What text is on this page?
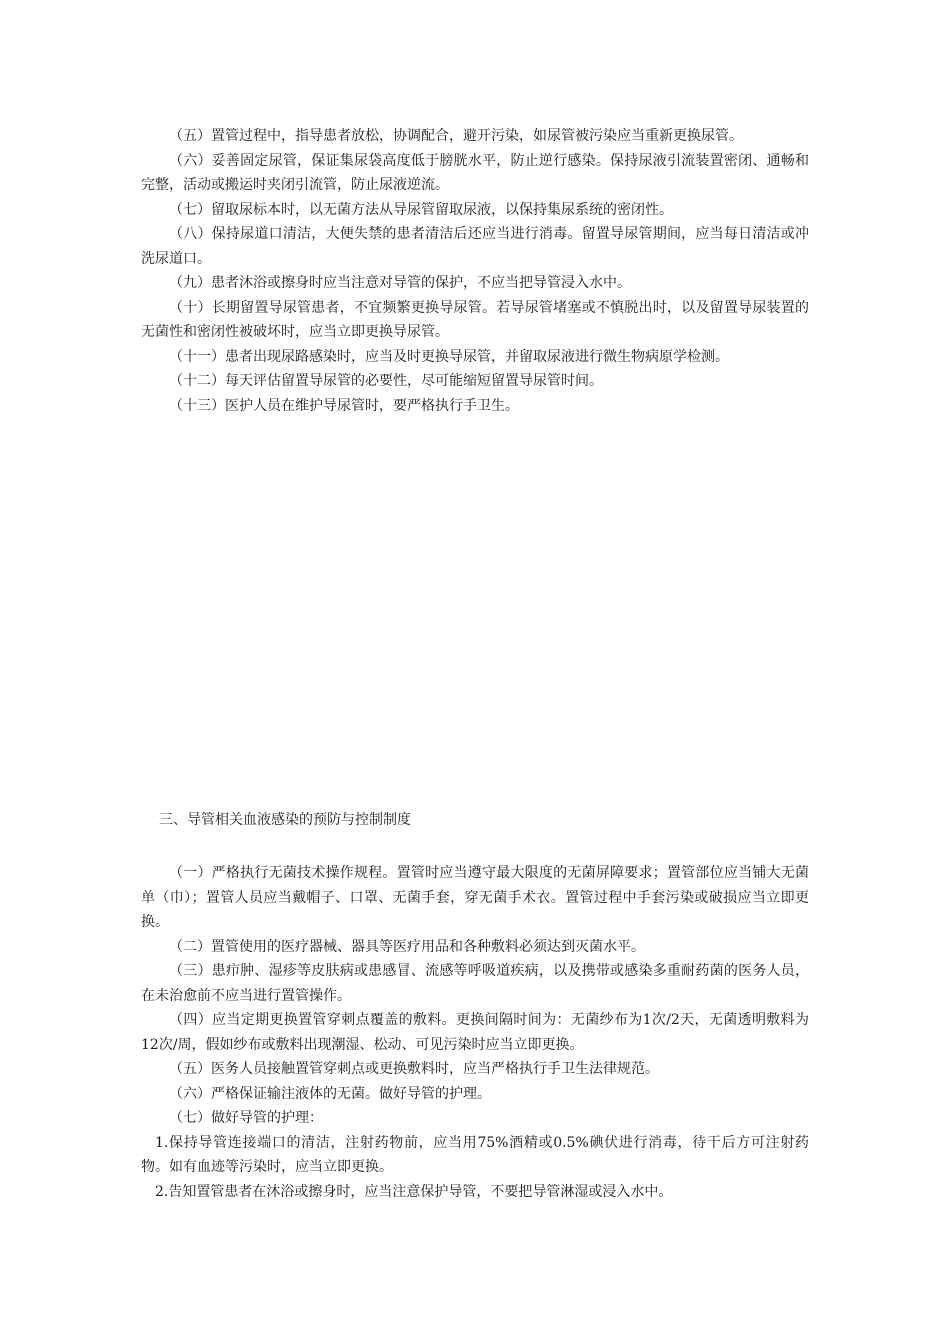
（五）置管过程中，指导患者放松，协调配合，避开污染，如尿管被污染应当重新更换尿管。

（六）妥善固定尿管，保证集尿袋高度低于膀胱水平，防止逆行感染。保持尿液引流装置密闭、通畅和完整，活动或搬运时夹闭引流管，防止尿液逆流。

（七）留取尿标本时，以无菌方法从导尿管留取尿液，以保持集尿系统的密闭性。

（八）保持尿道口清洁，大便失禁的患者清洁后还应当进行消毒。留置导尿管期间，应当每日清洁或冲洗尿道口。

（九）患者沐浴或擦身时应当注意对导管的保护，不应当把导管浸入水中。

（十）长期留置导尿管患者，不宜频繁更换导尿管。若导尿管堵塞或不慎脱出时，以及留置导尿装置的无菌性和密闭性被破坏时，应当立即更换导尿管。

（十一）患者出现尿路感染时，应当及时更换导尿管，并留取尿液进行微生物病原学检测。

（十二）每天评估留置导尿管的必要性，尽可能缩短留置导尿管时间。

（十三）医护人员在维护导尿管时，要严格执行手卫生。

三、导管相关血液感染的预防与控制制度

（一）严格执行无菌技术操作规程。置管时应当遵守最大限度的无菌屏障要求；置管部位应当铺大无菌单（巾）；置管人员应当戴帽子、口罩、无菌手套，穿无菌手术衣。置管过程中手套污染或破损应当立即更换。

（二）置管使用的医疗器械、器具等医疗用品和各种敷料必须达到灭菌水平。

（三）患疖肿、湿疹等皮肤病或患感冒、流感等呼吸道疾病，以及携带或感染多重耐药菌的医务人员，在未治愈前不应当进行置管操作。

（四）应当定期更换置管穿刺点覆盖的敷料。更换间隔时间为：无菌纱布为1次/2天，无菌透明敷料为12次/周，假如纱布或敷料出现潮湿、松动、可见污染时应当立即更换。

（五）医务人员接触置管穿刺点或更换敷料时，应当严格执行手卫生法律规范。

（六）严格保证输注液体的无菌。做好导管的护理。

（七）做好导管的护理：

1.保持导管连接端口的清洁，注射药物前，应当用75%酒精或0.5%碘伏进行消毒，待干后方可注射药物。如有血迹等污染时，应当立即更换。

2.告知置管患者在沐浴或擦身时，应当注意保护导管，不要把导管淋湿或浸入水中。
